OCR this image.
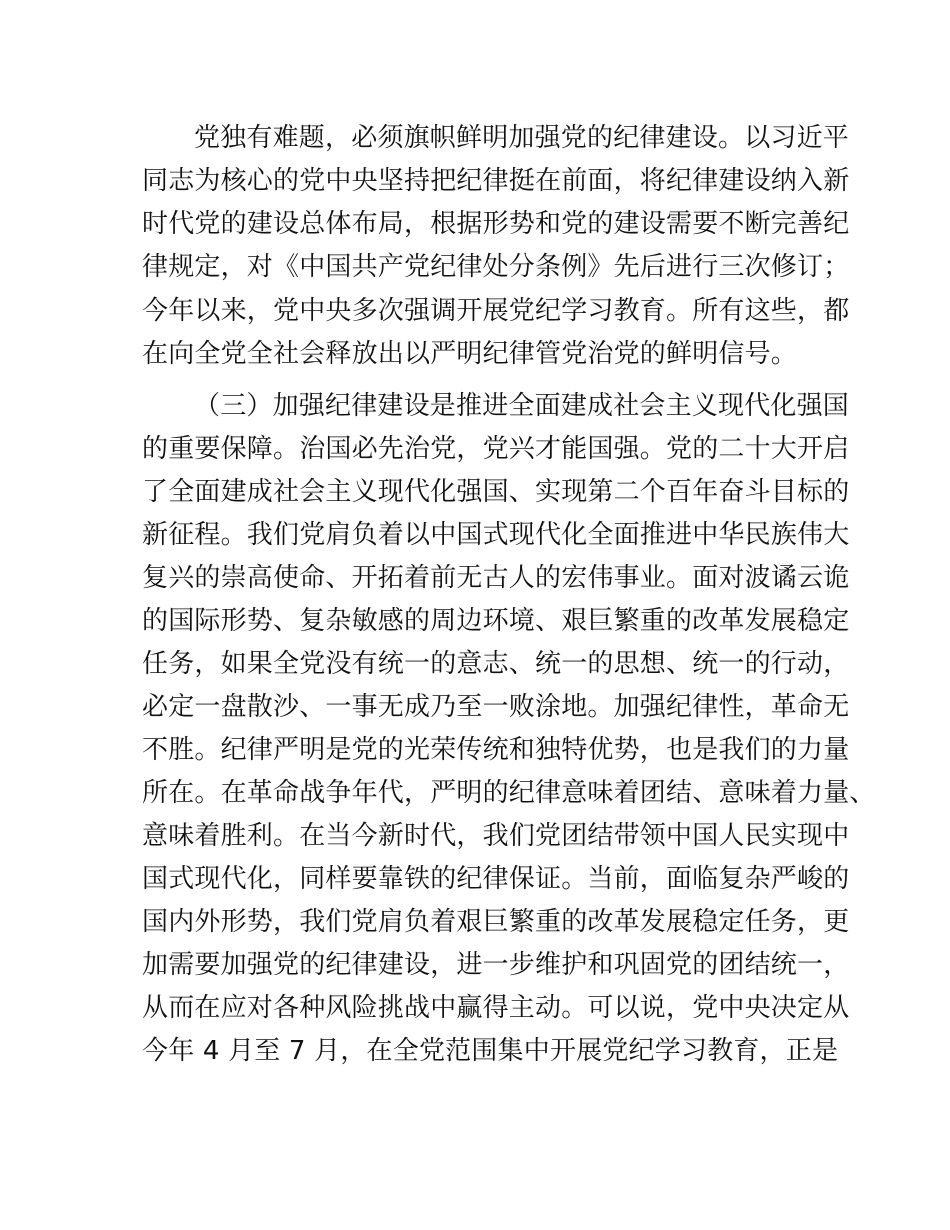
党独有难题，必须旗帜鲜明加强党的纪律建设。以习近平
同志为核心的党中央坚持把纪律挺在前面，将纪律建设纳入新
时代党的建设总体布局，根据形势和党的建设需要不断完善纪
律规定，对《中国共产党纪律处分条例》先后进行三次修订；
今年以来，党中央多次强调开展党纪学习教育。所有这些，都
在向全党全社会释放出以严明纪律管党治党的鲜明信号。
（三）加强纪律建设是推进全面建成社会主义现代化强国
的重要保障。治国必先治党，党兴才能国强。党的二十大开启
了全面建成社会主义现代化强国、实现第二个百年奋斗目标的
新征程。我们党肩负着以中国式现代化全面推进中华民族伟大
复兴的崇高使命、开拓着前无古人的宏伟事业。面对波谲云诡
的国际形势、复杂敏感的周边环境、艰巨繁重的改革发展稳定
任务，如果全党没有统一的意志、统一的思想、统一的行动，
必定一盘散沙、一事无成乃至一败涂地。加强纪律性，革命无
不胜。纪律严明是党的光荣传统和独特优势，也是我们的力量
所在。在革命战争年代，严明的纪律意味着团结、意味着力量、
意味着胜利。在当今新时代，我们党团结带领中国人民实现中
国式现代化，同样要靠铁的纪律保证。当前，面临复杂严峻的
国内外形势，我们党肩负着艰巨繁重的改革发展稳定任务，更
加需要加强党的纪律建设，进一步维护和巩固党的团结统一，
从而在应对各种风险挑战中赢得主动。可以说，党中央决定从
今年 4 月至 7 月，在全党范围集中开展党纪学习教育，正是
